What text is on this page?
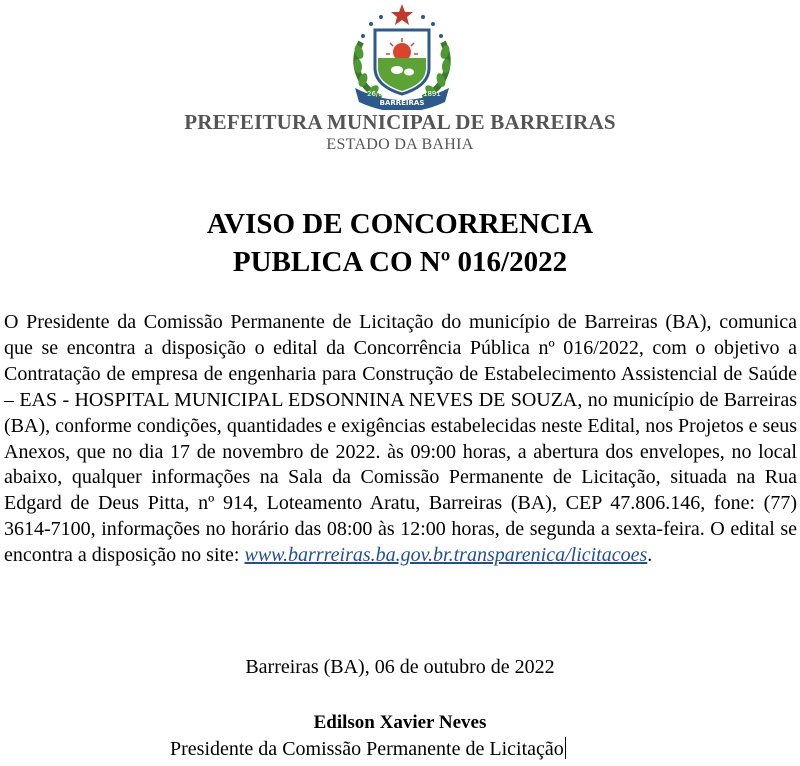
26/05	1891
BARREIRAS
PREFEITURA MUNICIPAL DE BARREIRAS
ESTADO DA BAHIA
AVISO DE CONCORRENCIA
PUBLICA CO Nº 016/2022

O Presidente da Comissão Permanente de Licitação do município de Barreiras (BA), comunica que se encontra a disposição o edital da Concorrência Pública nº 016/2022, com o objetivo a Contratação de empresa de engenharia para Construção de Estabelecimento Assistencial de Saúde – EAS - HOSPITAL MUNICIPAL EDSONNINA NEVES DE SOUZA, no município de Barreiras (BA), conforme condições, quantidades e exigências estabelecidas neste Edital, nos Projetos e seus Anexos, que no dia 17 de novembro de 2022. às 09:00 horas, a abertura dos envelopes, no local abaixo, qualquer informações na Sala da Comissão Permanente de Licitação, situada na Rua Edgard de Deus Pitta, nº 914, Loteamento Aratu, Barreiras (BA), CEP 47.806.146, fone: (77) 3614-7100, informações no horário das 08:00 às 12:00 horas, de segunda a sexta-feira. O edital se encontra a disposição no site: www.barrreiras.ba.gov.br.transparenica/licitacoes.

Barreiras (BA), 06 de outubro de 2022
Edilson Xavier Neves
Presidente da Comissão Permanente de Licitação
